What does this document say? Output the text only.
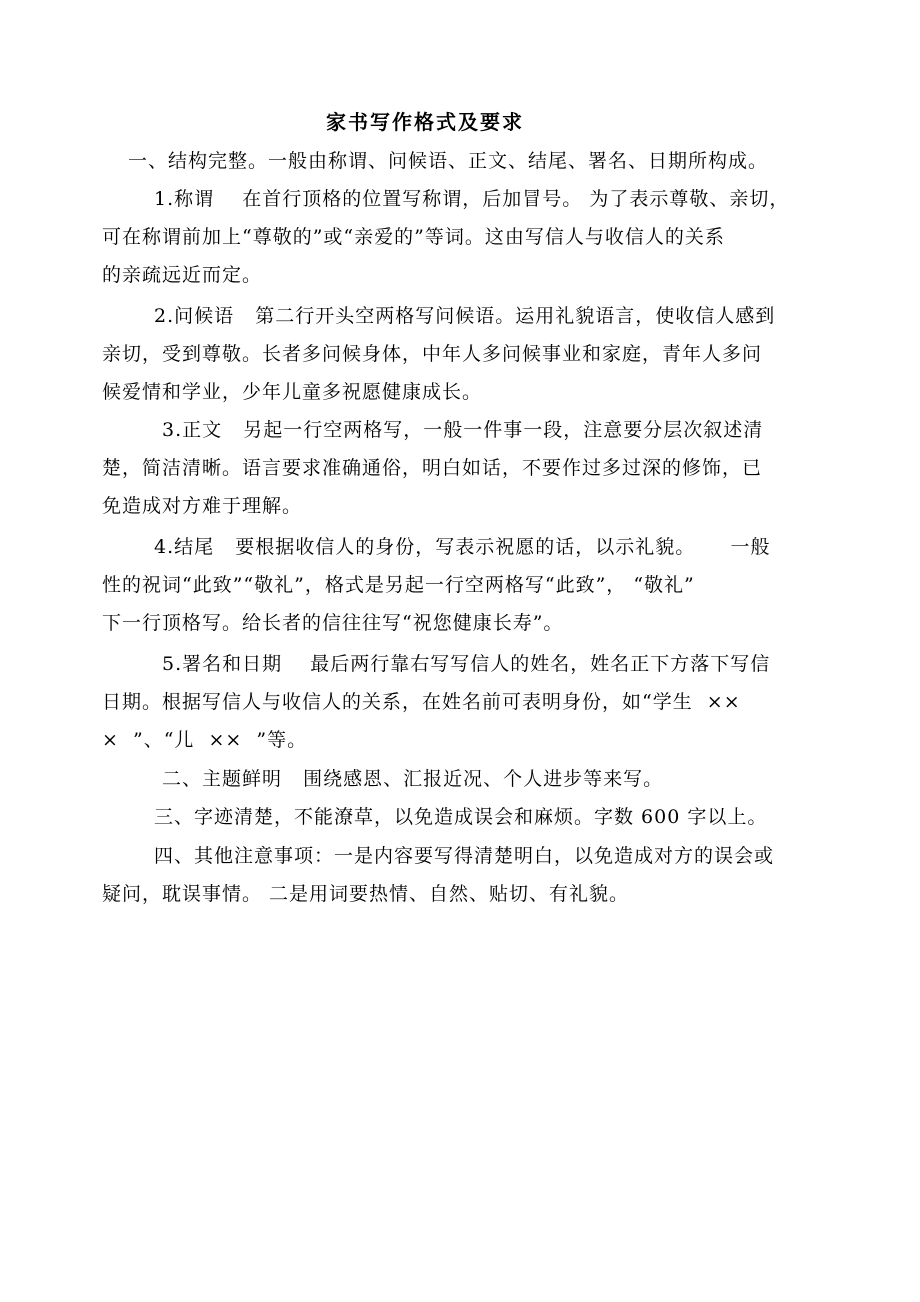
家书写作格式及要求
一、结构完整。一般由称谓、问候语、正文、结尾、署名、日期所构成。
1.称谓    在首行顶格的位置写称谓，后加冒号。 为了表示尊敬、亲切，
可在称谓前加上“尊敬的”或“亲爱的”等词。这由写信人与收信人的关系
的亲疏远近而定。
2.问候语   第二行开头空两格写问候语。运用礼貌语言，使收信人感到
亲切，受到尊敬。长者多问候身体，中年人多问候事业和家庭，青年人多问
候爱情和学业，少年儿童多祝愿健康成长。
3.正文   另起一行空两格写，一般一件事一段，注意要分层次叙述清
楚，简洁清晰。语言要求准确通俗，明白如话，不要作过多过深的修饰，已
免造成对方难于理解。
4.结尾   要根据收信人的身份，写表示祝愿的话，以示礼貌。     一般
性的祝词“此致”“敬礼”，格式是另起一行空两格写“此致”， “敬礼”
下一行顶格写。给长者的信往往写“祝您健康长寿”。
5.署名和日期    最后两行靠右写写信人的姓名，姓名正下方落下写信
日期。根据写信人与收信人的关系，在姓名前可表明身份，如“学生  ××
×  ”、“儿  ××  ”等。
二、主题鲜明   围绕感恩、汇报近况、个人进步等来写。
三、字迹清楚，不能潦草，以免造成误会和麻烦。字数 600 字以上。
四、其他注意事项：一是内容要写得清楚明白，以免造成对方的误会或
疑问，耽误事情。 二是用词要热情、自然、贴切、有礼貌。
